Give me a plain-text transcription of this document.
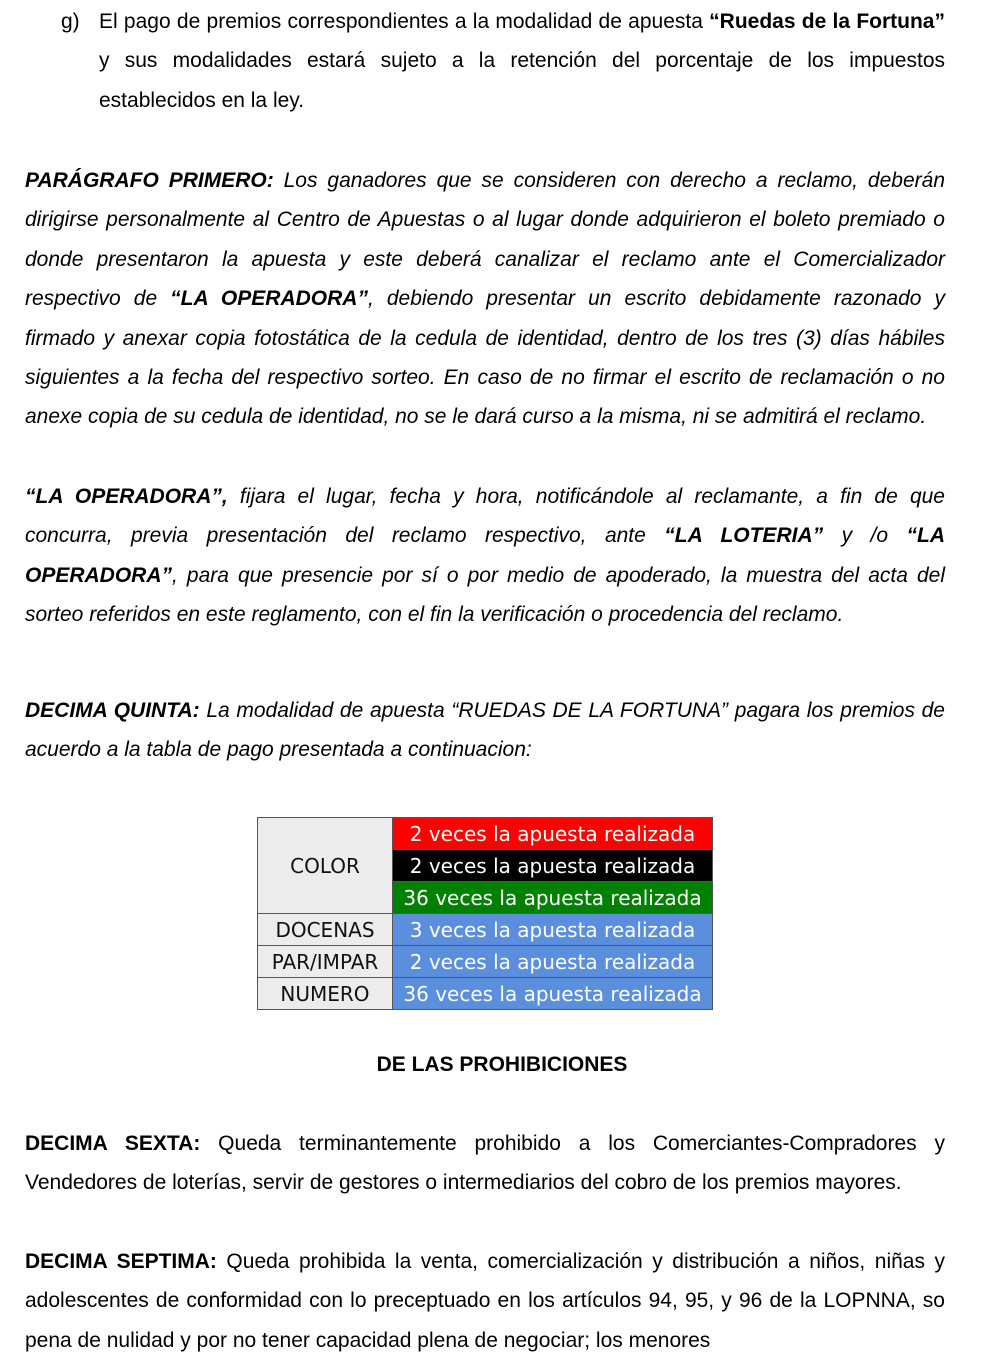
g) El pago de premios correspondientes a la modalidad de apuesta “Ruedas de la Fortuna” y sus modalidades estará sujeto a la retención del porcentaje de los impuestos establecidos en la ley.

PARÁGRAFO PRIMERO: Los ganadores que se consideren con derecho a reclamo, deberán dirigirse personalmente al Centro de Apuestas o al lugar donde adquirieron el boleto premiado o donde presentaron la apuesta y este deberá canalizar el reclamo ante el Comercializador respectivo de “LA OPERADORA”, debiendo presentar un escrito debidamente razonado y firmado y anexar copia fotostática de la cedula de identidad, dentro de los tres (3) días hábiles siguientes a la fecha del respectivo sorteo. En caso de no firmar el escrito de reclamación o no anexe copia de su cedula de identidad, no se le dará curso a la misma, ni se admitirá el reclamo.

“LA OPERADORA”, fijara el lugar, fecha y hora, notificándole al reclamante, a fin de que concurra, previa presentación del reclamo respectivo, ante “LA LOTERIA” y /o “LA OPERADORA”, para que presencie por sí o por medio de apoderado, la muestra del acta del sorteo referidos en este reglamento, con el fin la verificación o procedencia del reclamo.

DECIMA QUINTA: La modalidad de apuesta “RUEDAS DE LA FORTUNA” pagara los premios de acuerdo a la tabla de pago presentada a continuacion:

DE LAS PROHIBICIONES

DECIMA SEXTA: Queda terminantemente prohibido a los Comerciantes-Compradores y Vendedores de loterías, servir de gestores o intermediarios del cobro de los premios mayores.

DECIMA SEPTIMA: Queda prohibida la venta, comercialización y distribución a niños, niñas y adolescentes de conformidad con lo preceptuado en los artículos 94, 95, y 96 de la LOPNNA, so pena de nulidad y por no tener capacidad plena de negociar; los menores

COLOR	2 veces la apuesta realizada
	2 veces la apuesta realizada
	36 veces la apuesta realizada
DOCENAS	3 veces la apuesta realizada
PAR/IMPAR	2 veces la apuesta realizada
NUMERO	36 veces la apuesta realizada
